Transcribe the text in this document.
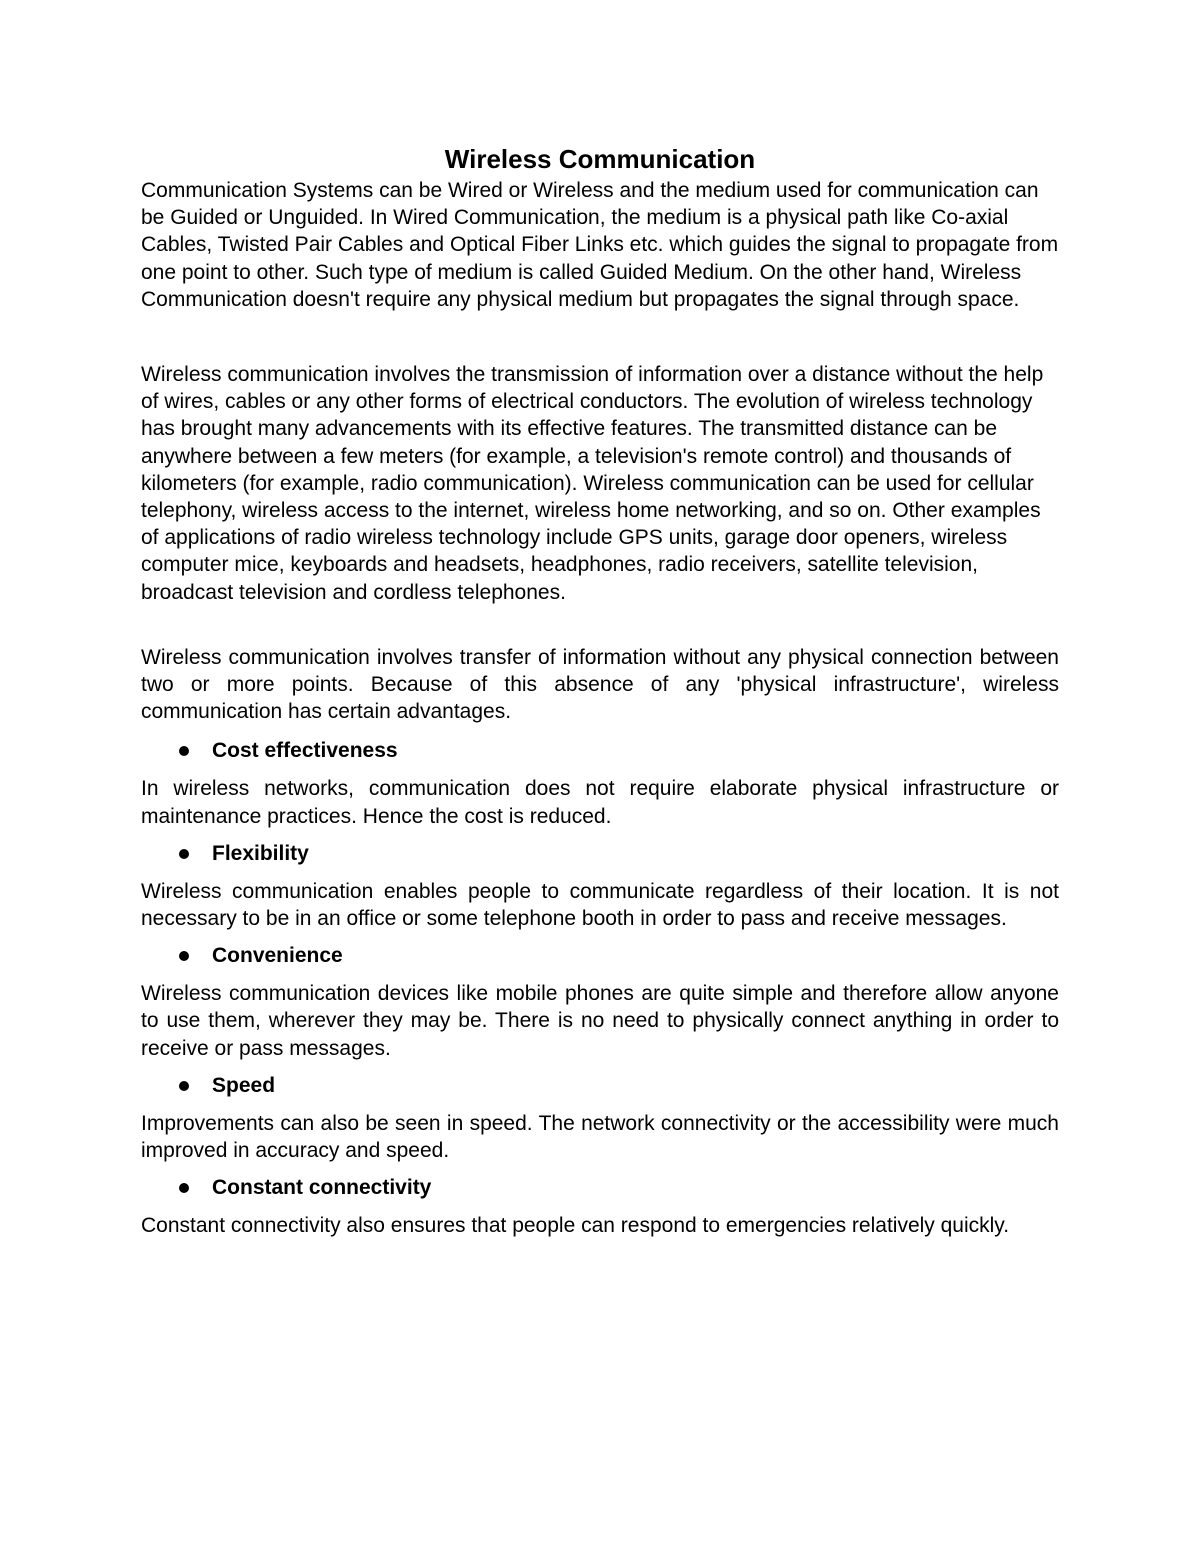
Wireless Communication

Communication Systems can be Wired or Wireless and the medium used for communication can be Guided or Unguided. In Wired Communication, the medium is a physical path like Co-axial Cables, Twisted Pair Cables and Optical Fiber Links etc. which guides the signal to propagate from one point to other. Such type of medium is called Guided Medium. On the other hand, Wireless Communication doesn't require any physical medium but propagates the signal through space.

Wireless communication involves the transmission of information over a distance without the help of wires, cables or any other forms of electrical conductors. The evolution of wireless technology has brought many advancements with its effective features. The transmitted distance can be anywhere between a few meters (for example, a television's remote control) and thousands of kilometers (for example, radio communication). Wireless communication can be used for cellular telephony, wireless access to the internet, wireless home networking, and so on. Other examples of applications of radio wireless technology include GPS units, garage door openers, wireless computer mice, keyboards and headsets, headphones, radio receivers, satellite television, broadcast television and cordless telephones.

Wireless communication involves transfer of information without any physical connection between two or more points. Because of this absence of any 'physical infrastructure', wireless communication has certain advantages.

Cost effectiveness

In wireless networks, communication does not require elaborate physical infrastructure or maintenance practices. Hence the cost is reduced.

Flexibility

Wireless communication enables people to communicate regardless of their location. It is not necessary to be in an office or some telephone booth in order to pass and receive messages.

Convenience

Wireless communication devices like mobile phones are quite simple and therefore allow anyone to use them, wherever they may be. There is no need to physically connect anything in order to receive or pass messages.

Speed

Improvements can also be seen in speed. The network connectivity or the accessibility were much improved in accuracy and speed.

Constant connectivity

Constant connectivity also ensures that people can respond to emergencies relatively quickly.
